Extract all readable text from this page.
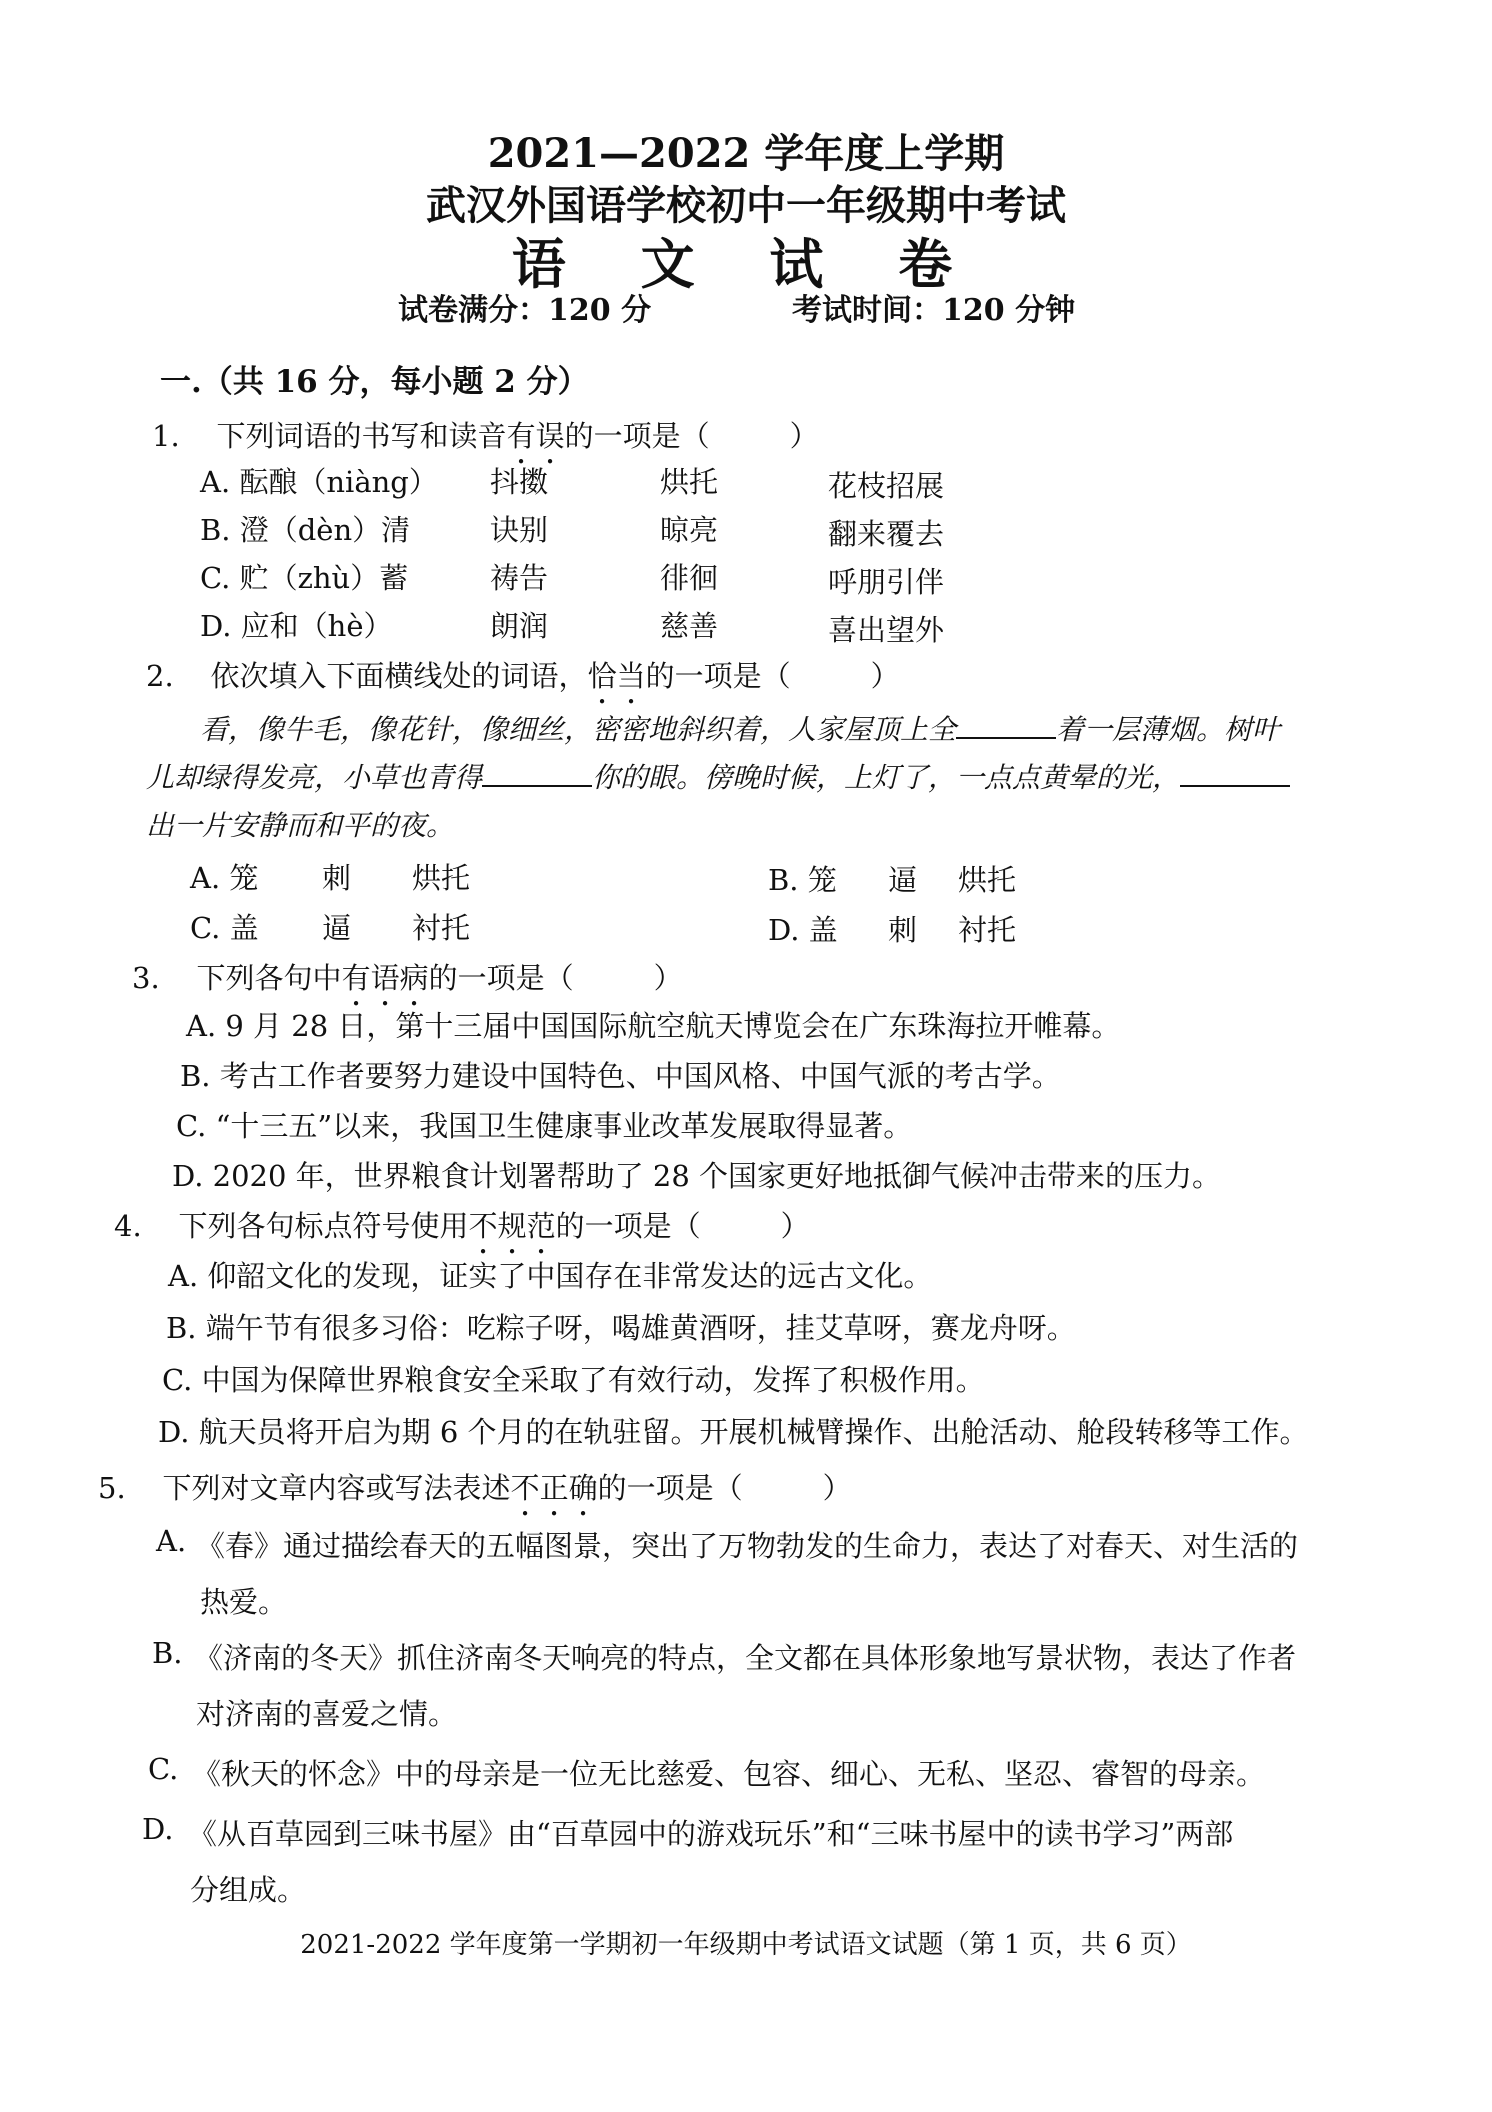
2021—2022 学年度上学期
武汉外国语学校初中一年级期中考试
语 文 试 卷
试卷满分：120 分	考试时间：120 分钟
一.（共 16 分，每小题 2 分）
1. 下列词语的书写和读音有误的一项是（	）
A. 酝酿（niàng） 抖擞	烘托	花枝招展
B. 澄（dèn）清	诀别	晾亮	翻来覆去
C. 贮（zhù）蓄	祷告	徘徊	呼朋引伴
D. 应和（hè）	朗润	慈善	喜出望外
2. 依次填入下面横线处的词语，恰当的一项是（	）
看，像牛毛，像花针，像细丝，密密地斜织着，人家屋顶上全	着一层薄烟。树叶
儿却绿得发亮，小草也青得	你的眼。傍晚时候，上灯了，一点点黄晕的光，
出一片安静而和平的夜。
A. 笼 刺 烘托	B. 笼 逼 烘托
C. 盖 逼 衬托	D. 盖 刺 衬托
3. 下列各句中有语病的一项是（	）
A. 9 月 28 日，第十三届中国国际航空航天博览会在广东珠海拉开帷幕。
B. 考古工作者要努力建设中国特色、中国风格、中国气派的考古学。
C. “十三五”以来，我国卫生健康事业改革发展取得显著。
D. 2020 年，世界粮食计划署帮助了 28 个国家更好地抵御气候冲击带来的压力。
4. 下列各句标点符号使用不规范的一项是（	）
A. 仰韶文化的发现，证实了中国存在非常发达的远古文化。
B. 端午节有很多习俗：吃粽子呀，喝雄黄酒呀，挂艾草呀，赛龙舟呀。
C. 中国为保障世界粮食安全采取了有效行动，发挥了积极作用。
D. 航天员将开启为期 6 个月的在轨驻留。开展机械臂操作、出舱活动、舱段转移等工作。
5. 下列对文章内容或写法表述不正确的一项是（	）
A. 《春》通过描绘春天的五幅图景，突出了万物勃发的生命力，表达了对春天、对生活的
热爱。
B. 《济南的冬天》抓住济南冬天响亮的特点，全文都在具体形象地写景状物，表达了作者
对济南的喜爱之情。
C. 《秋天的怀念》中的母亲是一位无比慈爱、包容、细心、无私、坚忍、睿智的母亲。
D. 《从百草园到三味书屋》由“百草园中的游戏玩乐”和“三味书屋中的读书学习”两部
分组成。
2021-2022 学年度第一学期初一年级期中考试语文试题（第 1 页，共 6 页）
